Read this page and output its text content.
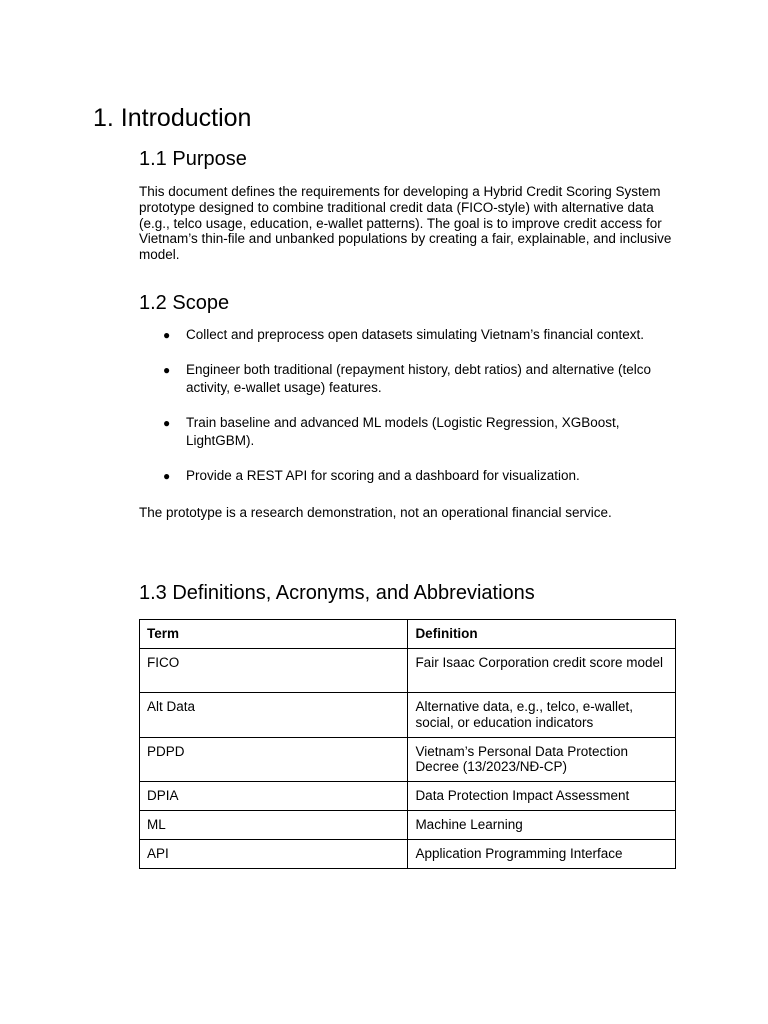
1. Introduction
1.1 Purpose

This document defines the requirements for developing a Hybrid Credit Scoring System prototype designed to combine traditional credit data (FICO-style) with alternative data (e.g., telco usage, education, e-wallet patterns). The goal is to improve credit access for Vietnam’s thin-file and unbanked populations by creating a fair, explainable, and inclusive model.

1.2 Scope
● Collect and preprocess open datasets simulating Vietnam’s financial context.
● Engineer both traditional (repayment history, debt ratios) and alternative (telco activity, e-wallet usage) features.
● Train baseline and advanced ML models (Logistic Regression, XGBoost, LightGBM).
● Provide a REST API for scoring and a dashboard for visualization.

The prototype is a research demonstration, not an operational financial service.

1.3 Definitions, Acronyms, and Abbreviations
Term	Definition
FICO	Fair Isaac Corporation credit score model
Alt Data	Alternative data, e.g., telco, e-wallet, social, or education indicators
PDPD	Vietnam’s Personal Data Protection Decree (13/2023/NĐ-CP)
DPIA	Data Protection Impact Assessment
ML	Machine Learning
API	Application Programming Interface
